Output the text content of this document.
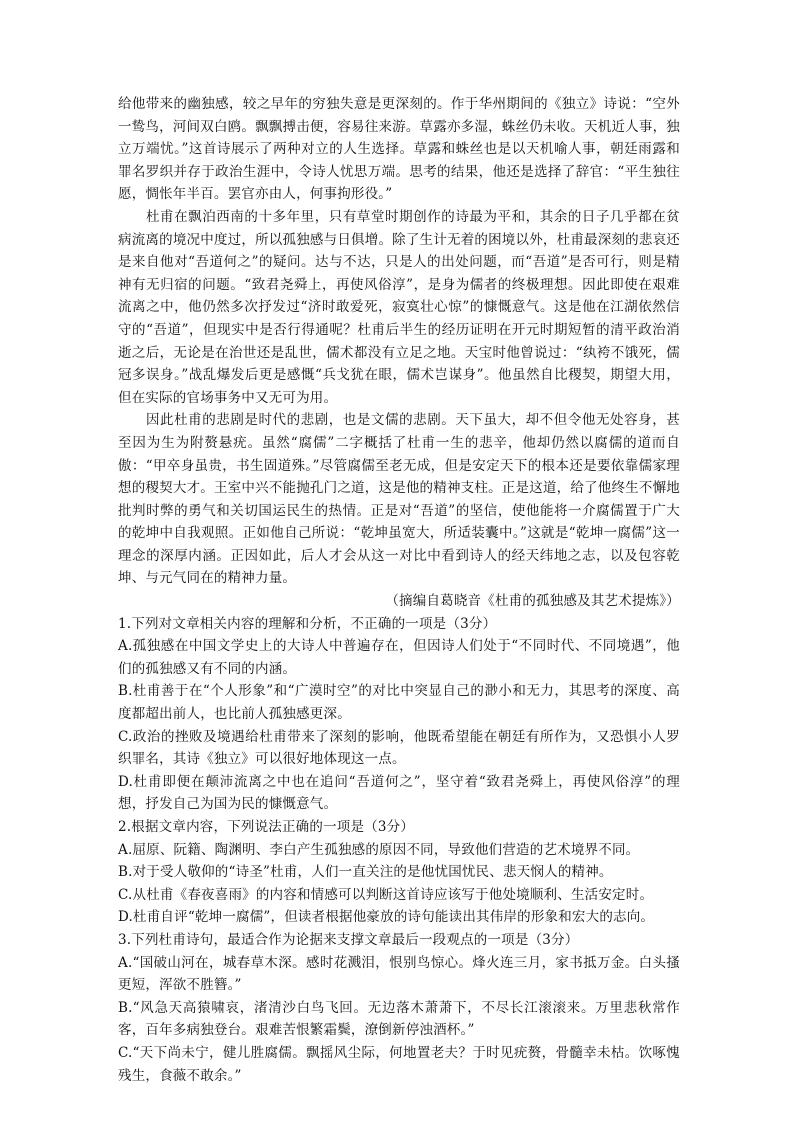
给他带来的幽独感，较之早年的穷独失意是更深刻的。作于华州期间的《独立》诗说：“空外一鸷鸟，河间双白鸥。飘飘搏击便，容易往来游。草露亦多湿，蛛丝仍未收。天机近人事，独立万端忧。”这首诗展示了两种对立的人生选择。草露和蛛丝也是以天机喻人事，朝廷雨露和罪名罗织并存于政治生涯中，令诗人忧思万端。思考的结果，他还是选择了辞官：“平生独往愿，惆怅年半百。罢官亦由人，何事拘形役。”

杜甫在飘泊西南的十多年里，只有草堂时期创作的诗最为平和，其余的日子几乎都在贫病流离的境况中度过，所以孤独感与日俱增。除了生计无着的困境以外，杜甫最深刻的悲哀还是来自他对“吾道何之”的疑问。达与不达，只是人的出处问题，而“吾道”是否可行，则是精神有无归宿的问题。“致君尧舜上，再使风俗淳”，是身为儒者的终极理想。因此即使在艰难流离之中，他仍然多次抒发过“济时敢爱死，寂寞壮心惊”的慷慨意气。这是他在江湖依然信守的“吾道”，但现实中是否行得通呢？杜甫后半生的经历证明在开元时期短暂的清平政治消逝之后，无论是在治世还是乱世，儒术都没有立足之地。天宝时他曾说过：“纨袴不饿死，儒冠多误身。”战乱爆发后更是感慨“兵戈犹在眼，儒术岂谋身”。他虽然自比稷契，期望大用，但在实际的官场事务中又无可为用。

因此杜甫的悲剧是时代的悲剧，也是文儒的悲剧。天下虽大，却不但令他无处容身，甚至因为生为附赘悬疣。虽然“腐儒”二字概括了杜甫一生的悲辛，他却仍然以腐儒的道而自傲：“甲卒身虽贵，书生固道殊。”尽管腐儒至老无成，但是安定天下的根本还是要依靠儒家理想的稷契大才。王室中兴不能抛孔门之道，这是他的精神支柱。正是这道，给了他终生不懈地批判时弊的勇气和关切国运民生的热情。正是对“吾道”的坚信，使他能将一介腐儒置于广大的乾坤中自我观照。正如他自己所说：“乾坤虽宽大，所适装囊中。”这就是“乾坤一腐儒”这一理念的深厚内涵。正因如此，后人才会从这一对比中看到诗人的经天纬地之志，以及包容乾坤、与元气同在的精神力量。

（摘编自葛晓音《杜甫的孤独感及其艺术提炼》）

1.下列对文章相关内容的理解和分析，不正确的一项是（3分）

A.孤独感在中国文学史上的大诗人中普遍存在，但因诗人们处于“不同时代、不同境遇”，他们的孤独感又有不同的内涵。

B.杜甫善于在“个人形象”和“广漠时空”的对比中突显自己的渺小和无力，其思考的深度、高度都超出前人，也比前人孤独感更深。

C.政治的挫败及境遇给杜甫带来了深刻的影响，他既希望能在朝廷有所作为，又恐惧小人罗织罪名，其诗《独立》可以很好地体现这一点。

D.杜甫即便在颠沛流离之中也在追问“吾道何之”，坚守着“致君尧舜上，再使风俗淳”的理想，抒发自己为国为民的慷慨意气。

2.根据文章内容，下列说法正确的一项是（3分）

A.屈原、阮籍、陶渊明、李白产生孤独感的原因不同，导致他们营造的艺术境界不同。

B.对于受人敬仰的“诗圣”杜甫，人们一直关注的是他忧国忧民、悲天悯人的精神。

C.从杜甫《春夜喜雨》的内容和情感可以判断这首诗应该写于他处境顺利、生活安定时。

D.杜甫自评“乾坤一腐儒”，但读者根据他豪放的诗句能读出其伟岸的形象和宏大的志向。

3.下列杜甫诗句，最适合作为论据来支撑文章最后一段观点的一项是（3分）

A.“国破山河在，城春草木深。感时花溅泪，恨别鸟惊心。烽火连三月，家书抵万金。白头搔更短，浑欲不胜簪。”

B.“风急天高猿啸哀，渚清沙白鸟飞回。无边落木萧萧下，不尽长江滚滚来。万里悲秋常作客，百年多病独登台。艰难苦恨繁霜鬓，潦倒新停浊酒杯。”

C.“天下尚未宁，健儿胜腐儒。飘摇风尘际，何地置老夫？于时见疣赘，骨髓幸未枯。饮啄愧残生，食薇不敢余。”
